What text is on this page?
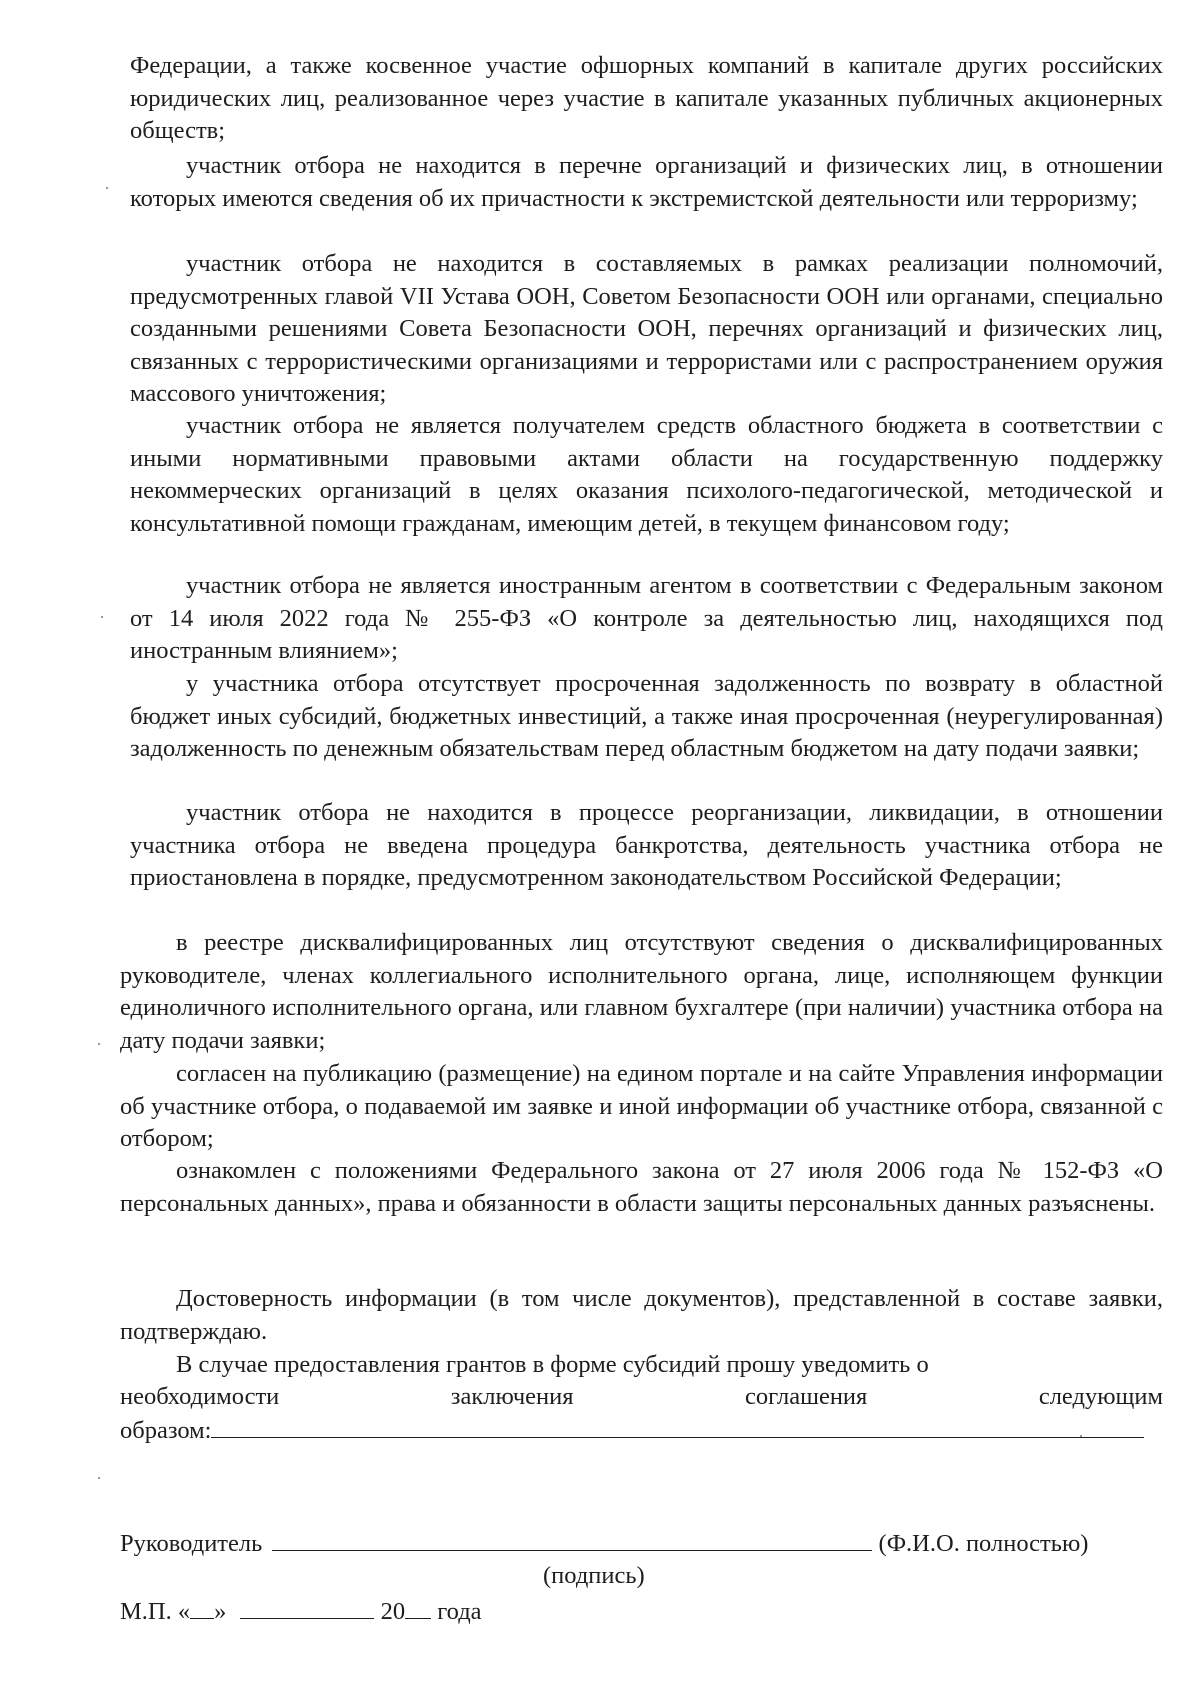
Федерации, а также косвенное участие офшорных компаний в капитале других российских юридических лиц, реализованное через участие в капитале указанных публичных акционерных обществ;

участник отбора не находится в перечне организаций и физических лиц, в отношении которых имеются сведения об их причастности к экстремистской деятельности или терроризму;

участник отбора не находится в составляемых в рамках реализации полномочий, предусмотренных главой VII Устава ООН, Советом Безопасности ООН или органами, специально созданными решениями Совета Безопасности ООН, перечнях организаций и физических лиц, связанных с террористическими организациями и террористами или с распространением оружия массового уничтожения;

участник отбора не является получателем средств областного бюджета в соответствии с иными нормативными правовыми актами области на государственную поддержку некоммерческих организаций в целях оказания психолого-педагогической, методической и консультативной помощи гражданам, имеющим детей, в текущем финансовом году;

участник отбора не является иностранным агентом в соответствии с Федеральным законом от 14 июля 2022 года № 255-ФЗ «О контроле за деятельностью лиц, находящихся под иностранным влиянием»;

у участника отбора отсутствует просроченная задолженность по возврату в областной бюджет иных субсидий, бюджетных инвестиций, а также иная просроченная (неурегулированная) задолженность по денежным обязательствам перед областным бюджетом на дату подачи заявки;

участник отбора не находится в процессе реорганизации, ликвидации, в отношении участника отбора не введена процедура банкротства, деятельность участника отбора не приостановлена в порядке, предусмотренном законодательством Российской Федерации;

в реестре дисквалифицированных лиц отсутствуют сведения о дисквалифицированных руководителе, членах коллегиального исполнительного органа, лице, исполняющем функции единоличного исполнительного органа, или главном бухгалтере (при наличии) участника отбора на дату подачи заявки;

согласен на публикацию (размещение) на едином портале и на сайте Управления информации об участнике отбора, о подаваемой им заявке и иной информации об участнике отбора, связанной с отбором;

ознакомлен с положениями Федерального закона от 27 июля 2006 года № 152-ФЗ «О персональных данных», права и обязанности в области защиты персональных данных разъяснены.

Достоверность информации (в том числе документов), представленной в составе заявки, подтверждаю.

В случае предоставления грантов в форме субсидий прошу уведомить о

необходимости	заключения	соглашения	следующим
образом:
Руководитель	(Ф.И.О. полностью)
(подпись)
М.П. « »	20 года
